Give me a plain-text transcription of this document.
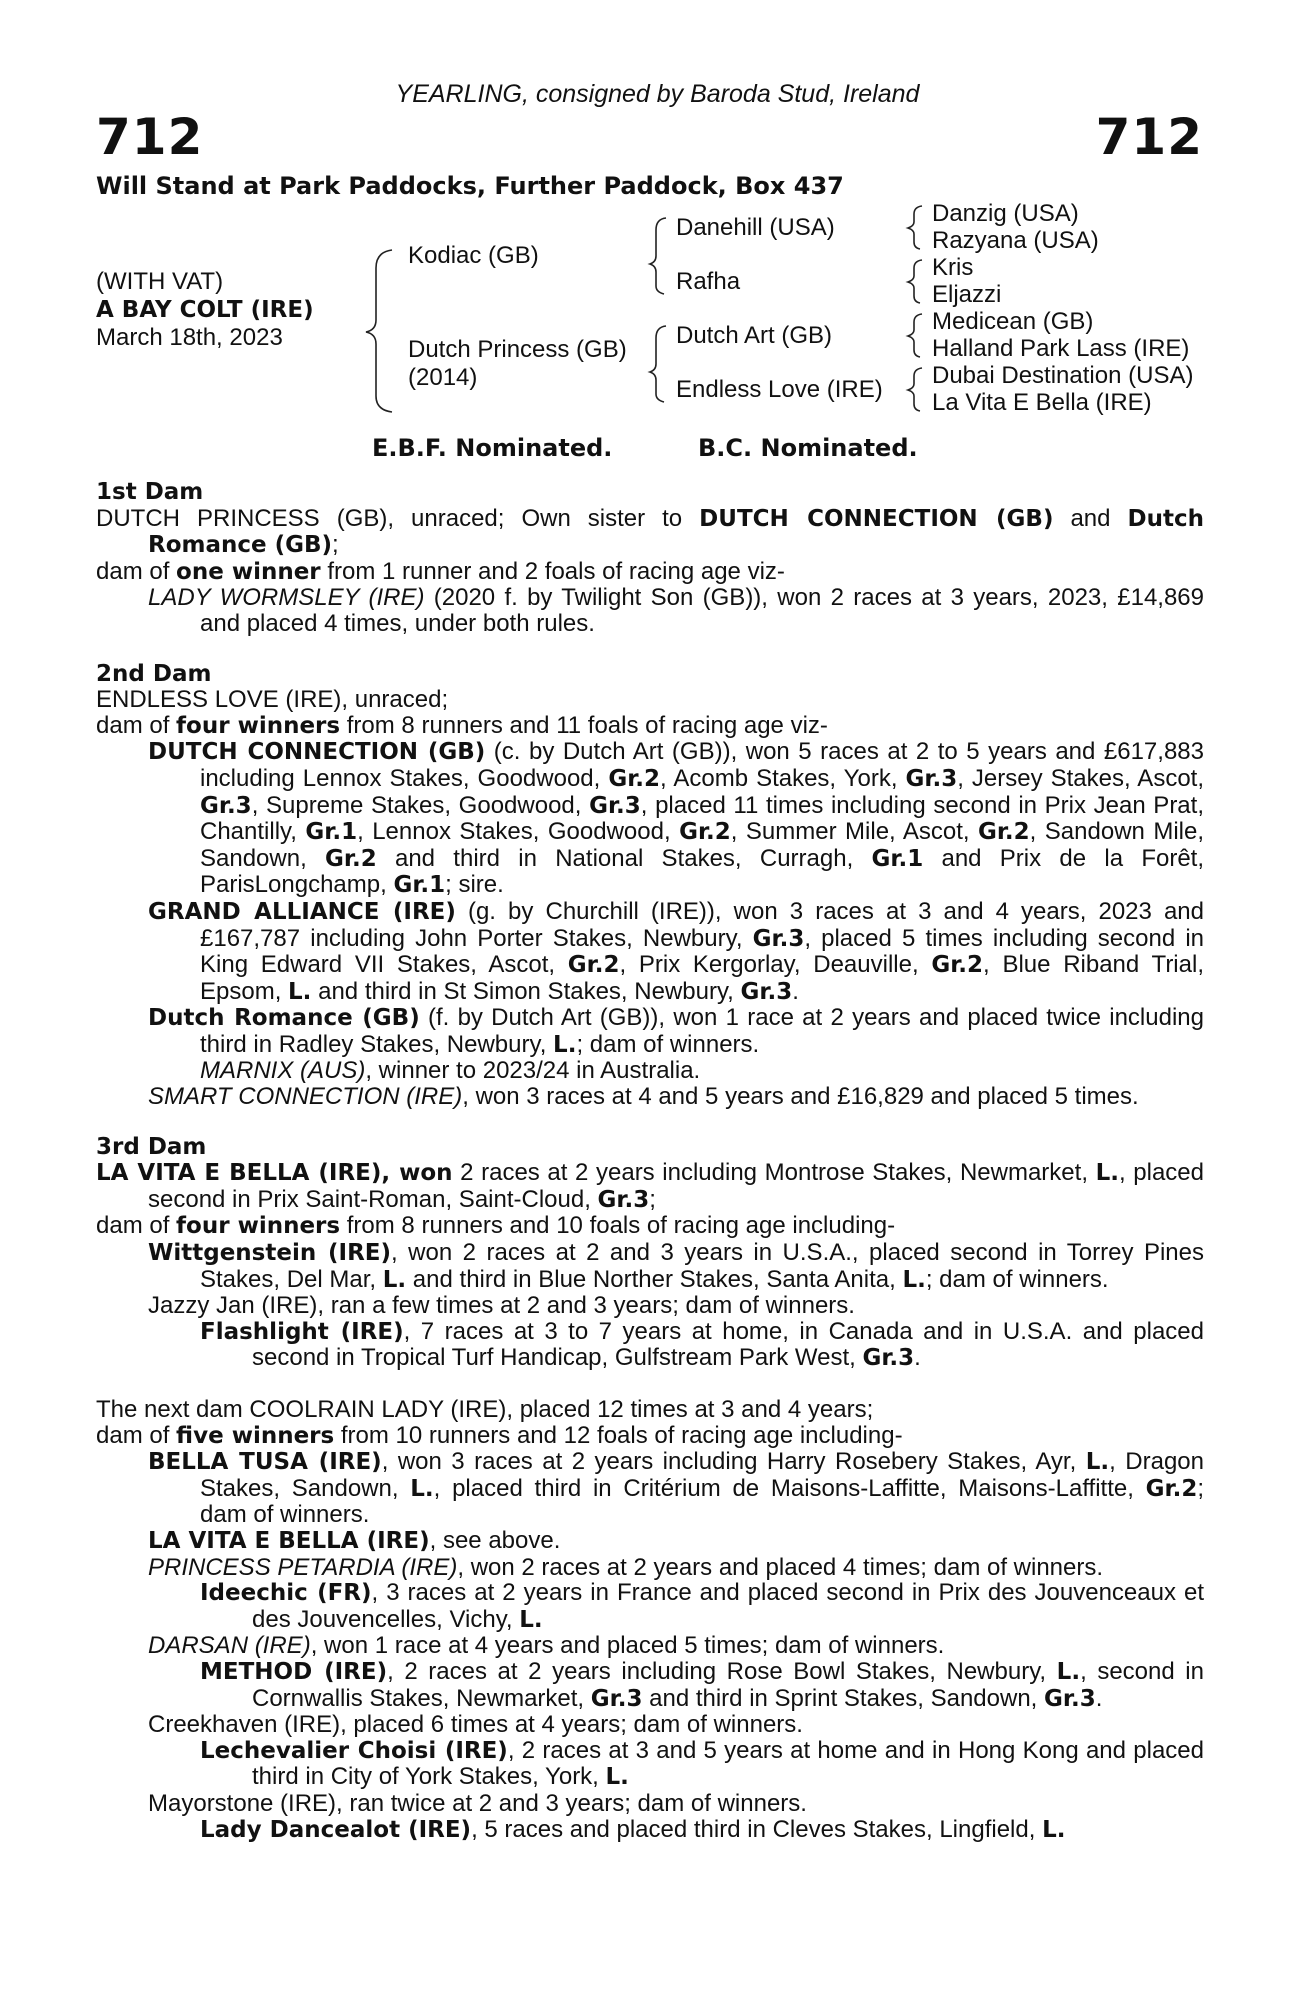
YEARLING, consigned by Baroda Stud, Ireland
712	712
Will Stand at Park Paddocks, Further Paddock, Box 437
(WITH VAT)
A BAY COLT (IRE)
March 18th, 2023
Kodiac (GB)
Dutch Princess (GB)
(2014)
Danehill (USA)
Rafha
Dutch Art (GB)
Endless Love (IRE)
Danzig (USA)
Razyana (USA)
Kris
Eljazzi
Medicean (GB)
Halland Park Lass (IRE)
Dubai Destination (USA)
La Vita E Bella (IRE)
E.B.F. Nominated.	B.C. Nominated.

1st Dam

DUTCH PRINCESS (GB), unraced; Own sister to DUTCH CONNECTION (GB) and Dutch Romance (GB);

dam of one winner from 1 runner and 2 foals of racing age viz-

LADY WORMSLEY (IRE) (2020 f. by Twilight Son (GB)), won 2 races at 3 years, 2023, £14,869 and placed 4 times, under both rules.

2nd Dam

ENDLESS LOVE (IRE), unraced;

dam of four winners from 8 runners and 11 foals of racing age viz-

DUTCH CONNECTION (GB) (c. by Dutch Art (GB)), won 5 races at 2 to 5 years and £617,883 including Lennox Stakes, Goodwood, Gr.2, Acomb Stakes, York, Gr.3, Jersey Stakes, Ascot, Gr.3, Supreme Stakes, Goodwood, Gr.3, placed 11 times including second in Prix Jean Prat, Chantilly, Gr.1, Lennox Stakes, Goodwood, Gr.2, Summer Mile, Ascot, Gr.2, Sandown Mile, Sandown, Gr.2 and third in National Stakes, Curragh, Gr.1 and Prix de la Forêt, ParisLongchamp, Gr.1; sire.

GRAND ALLIANCE (IRE) (g. by Churchill (IRE)), won 3 races at 3 and 4 years, 2023 and £167,787 including John Porter Stakes, Newbury, Gr.3, placed 5 times including second in King Edward VII Stakes, Ascot, Gr.2, Prix Kergorlay, Deauville, Gr.2, Blue Riband Trial, Epsom, L. and third in St Simon Stakes, Newbury, Gr.3.

Dutch Romance (GB) (f. by Dutch Art (GB)), won 1 race at 2 years and placed twice including third in Radley Stakes, Newbury, L.; dam of winners.

MARNIX (AUS), winner to 2023/24 in Australia.

SMART CONNECTION (IRE), won 3 races at 4 and 5 years and £16,829 and placed 5 times.

3rd Dam

LA VITA E BELLA (IRE), won 2 races at 2 years including Montrose Stakes, Newmarket, L., placed second in Prix Saint-Roman, Saint-Cloud, Gr.3;

dam of four winners from 8 runners and 10 foals of racing age including-

Wittgenstein (IRE), won 2 races at 2 and 3 years in U.S.A., placed second in Torrey Pines Stakes, Del Mar, L. and third in Blue Norther Stakes, Santa Anita, L.; dam of winners.

Jazzy Jan (IRE), ran a few times at 2 and 3 years; dam of winners.

Flashlight (IRE), 7 races at 3 to 7 years at home, in Canada and in U.S.A. and placed second in Tropical Turf Handicap, Gulfstream Park West, Gr.3.

The next dam COOLRAIN LADY (IRE), placed 12 times at 3 and 4 years;

dam of five winners from 10 runners and 12 foals of racing age including-

BELLA TUSA (IRE), won 3 races at 2 years including Harry Rosebery Stakes, Ayr, L., Dragon Stakes, Sandown, L., placed third in Critérium de Maisons-Laffitte, Maisons-Laffitte, Gr.2; dam of winners.

LA VITA E BELLA (IRE), see above.

PRINCESS PETARDIA (IRE), won 2 races at 2 years and placed 4 times; dam of winners.

Ideechic (FR), 3 races at 2 years in France and placed second in Prix des Jouvenceaux et des Jouvencelles, Vichy, L.

DARSAN (IRE), won 1 race at 4 years and placed 5 times; dam of winners.

METHOD (IRE), 2 races at 2 years including Rose Bowl Stakes, Newbury, L., second in Cornwallis Stakes, Newmarket, Gr.3 and third in Sprint Stakes, Sandown, Gr.3.

Creekhaven (IRE), placed 6 times at 4 years; dam of winners.

Lechevalier Choisi (IRE), 2 races at 3 and 5 years at home and in Hong Kong and placed third in City of York Stakes, York, L.

Mayorstone (IRE), ran twice at 2 and 3 years; dam of winners.

Lady Dancealot (IRE), 5 races and placed third in Cleves Stakes, Lingfield, L.
